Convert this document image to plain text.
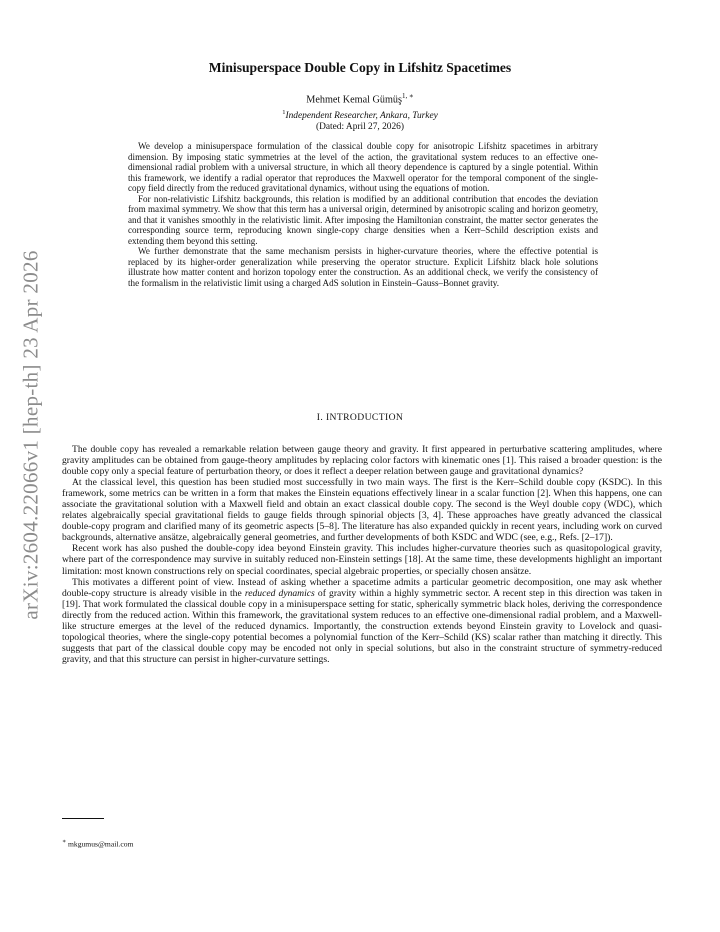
arXiv:2604.22066v1 [hep-th] 23 Apr 2026
Minisuperspace Double Copy in Lifshitz Spacetimes
Mehmet Kemal Gümüş$^{1, ∗}$
$^1$Independent Researcher, Ankara, Turkey
(Dated: April 27, 2026)

We develop a minisuperspace formulation of the classical double copy for anisotropic Lifshitz spacetimes in arbitrary dimension. By imposing static symmetries at the level of the action, the gravitational system reduces to an effective one-dimensional radial problem with a universal structure, in which all theory dependence is captured by a single potential. Within this framework, we identify a radial operator that reproduces the Maxwell operator for the temporal component of the single-copy field directly from the reduced gravitational dynamics, without using the equations of motion.

For non-relativistic Lifshitz backgrounds, this relation is modified by an additional contribution that encodes the deviation from maximal symmetry. We show that this term has a universal origin, determined by anisotropic scaling and horizon geometry, and that it vanishes smoothly in the relativistic limit. After imposing the Hamiltonian constraint, the matter sector generates the corresponding source term, reproducing known single-copy charge densities when a Kerr–Schild description exists and extending them beyond this setting.

We further demonstrate that the same mechanism persists in higher-curvature theories, where the effective potential is replaced by its higher-order generalization while preserving the operator structure. Explicit Lifshitz black hole solutions illustrate how matter content and horizon topology enter the construction. As an additional check, we verify the consistency of the formalism in the relativistic limit using a charged AdS solution in Einstein–Gauss–Bonnet gravity.

I. INTRODUCTION

The double copy has revealed a remarkable relation between gauge theory and gravity. It first appeared in perturbative scattering amplitudes, where gravity amplitudes can be obtained from gauge-theory amplitudes by replacing color factors with kinematic ones [1]. This raised a broader question: is the double copy only a special feature of perturbation theory, or does it reflect a deeper relation between gauge and gravitational dynamics?

At the classical level, this question has been studied most successfully in two main ways. The first is the Kerr–Schild double copy (KSDC). In this framework, some metrics can be written in a form that makes the Einstein equations effectively linear in a scalar function [2]. When this happens, one can associate the gravitational solution with a Maxwell field and obtain an exact classical double copy. The second is the Weyl double copy (WDC), which relates algebraically special gravitational fields to gauge fields through spinorial objects [3, 4]. These approaches have greatly advanced the classical double-copy program and clarified many of its geometric aspects [5–8]. The literature has also expanded quickly in recent years, including work on curved backgrounds, alternative ansätze, algebraically general geometries, and further developments of both KSDC and WDC (see, e.g., Refs. [2–17]).

Recent work has also pushed the double-copy idea beyond Einstein gravity. This includes higher-curvature theories such as quasitopological gravity, where part of the correspondence may survive in suitably reduced non-Einstein settings [18]. At the same time, these developments highlight an important limitation: most known constructions rely on special coordinates, special algebraic properties, or specially chosen ansätze.

This motivates a different point of view. Instead of asking whether a spacetime admits a particular geometric decomposition, one may ask whether double-copy structure is already visible in the reduced dynamics of gravity within a highly symmetric sector. A recent step in this direction was taken in [19]. That work formulated the classical double copy in a minisuperspace setting for static, spherically symmetric black holes, deriving the correspondence directly from the reduced action. Within this framework, the gravitational system reduces to an effective one-dimensional radial problem, and a Maxwell-like structure emerges at the level of the reduced dynamics. Importantly, the construction extends beyond Einstein gravity to Lovelock and quasi-topological theories, where the single-copy potential becomes a polynomial function of the Kerr–Schild (KS) scalar rather than matching it directly. This suggests that part of the classical double copy may be encoded not only in special solutions, but also in the constraint structure of symmetry-reduced gravity, and that this structure can persist in higher-curvature settings.

∗ mkgumus@mail.com
